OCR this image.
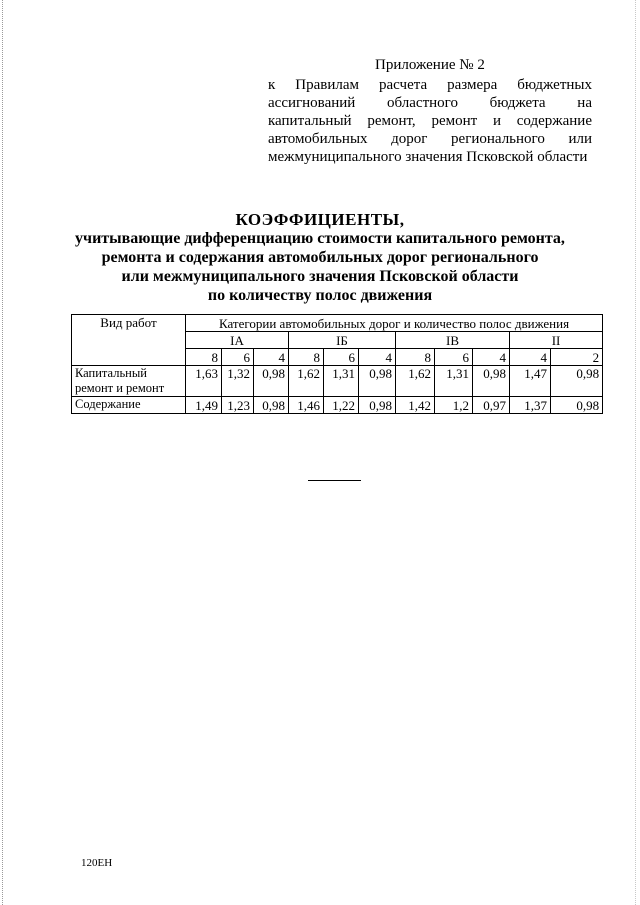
Приложение № 2
к Правилам расчета размера бюджетных
ассигнований областного бюджета на
капитальный ремонт, ремонт и содержание
автомобильных дорог регионального или
межмуниципального значения Псковской области
КОЭФФИЦИЕНТЫ,
учитывающие дифференциацию стоимости капитального ремонта,
ремонта и содержания автомобильных дорог регионального
или межмуниципального значения Псковской области
по количеству полос движения
Вид работ	Категории автомобильных дорог и количество полос движения										
	IА			IБ			IВ			II	
	8	6	4	8	6	4	8	6	4	4	2
Капитальный
ремонт и ремонт	1,63	1,32	0,98	1,62	1,31	0,98	1,62	1,31	0,98	1,47	0,98
Содержание	1,49	1,23	0,98	1,46	1,22	0,98	1,42	1,2	0,97	1,37	0,98
120ЕН
